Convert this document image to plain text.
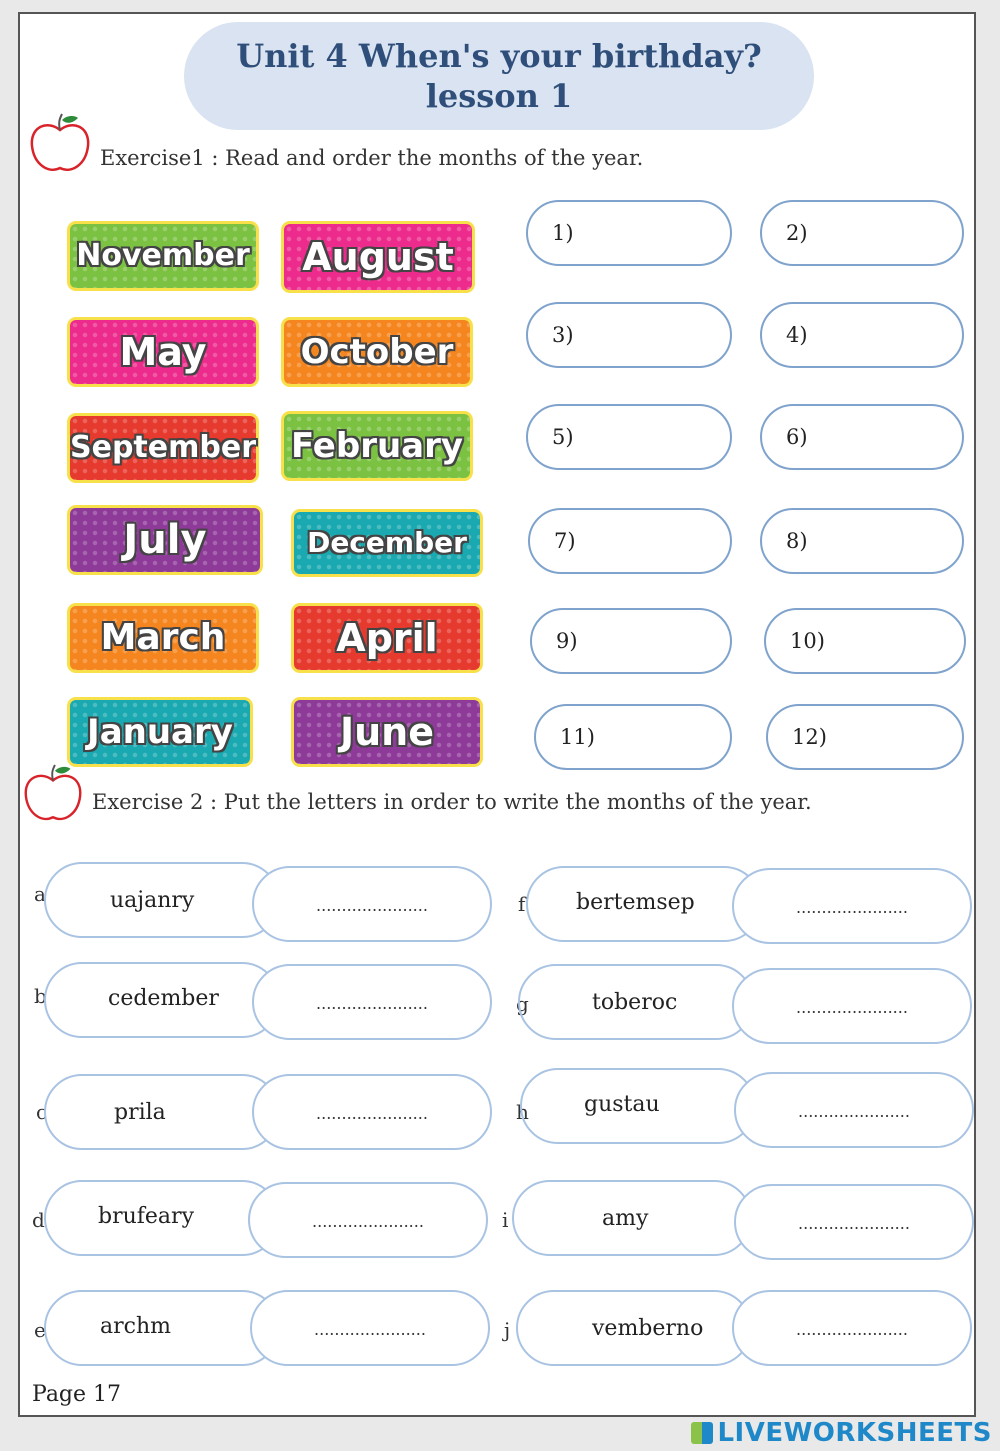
Unit 4 When's your birthday?
lesson 1
Exercise1 : Read and order the months of the year.
November	August
May	October
September February
July	December
March	April
January	June
1)	2)
3)	4)
5)	6)
7)	8)
9)	10)
11)	12)
Exercise 2 : Put the letters in order to write the months of the year.
a	uajanry	......................
b	cedember	......................
c	prila	......................
d brufeary	......................
e archm	......................
f bertemsep	......................
g	toberoc	......................
h	gustau	......................
i	amy	......................
j	vemberno	......................
Page 17
LIVEWORKSHEETS
